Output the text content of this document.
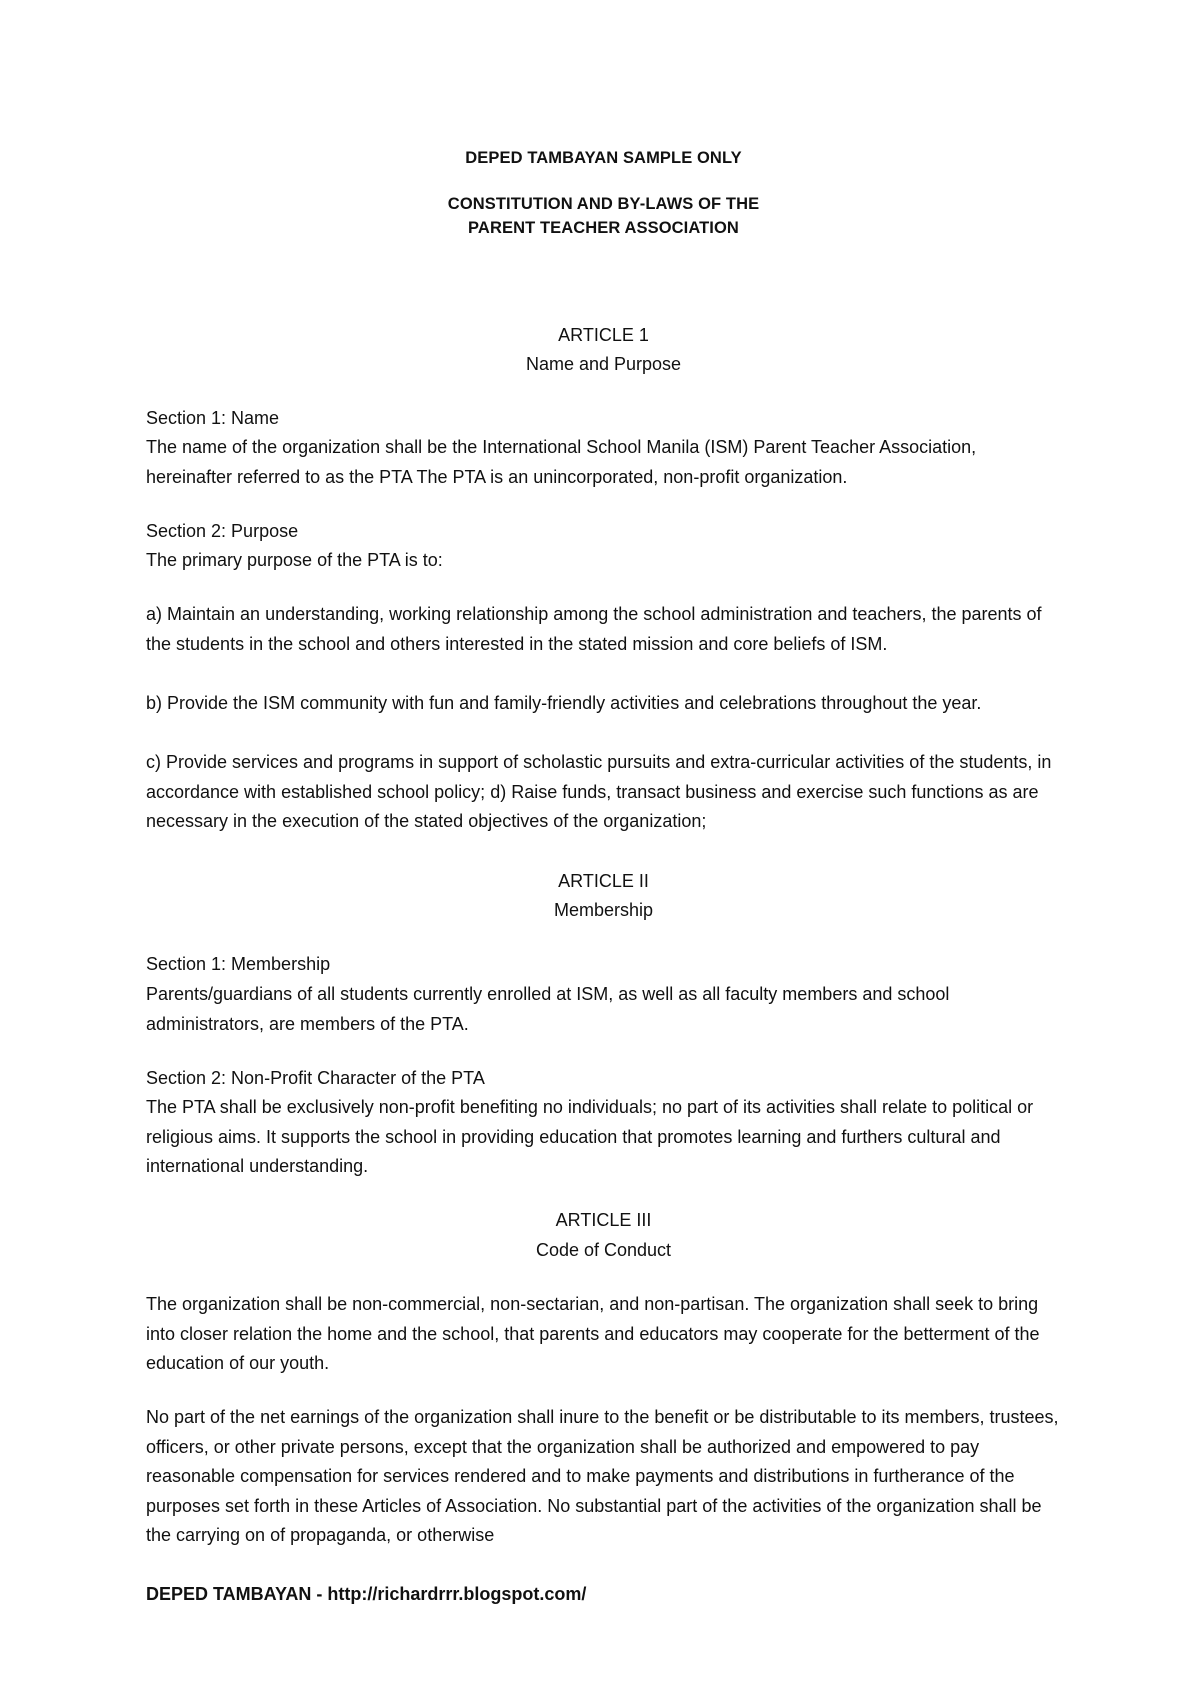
DEPED TAMBAYAN SAMPLE ONLY
CONSTITUTION AND BY-LAWS OF THE
PARENT TEACHER ASSOCIATION
ARTICLE 1
Name and Purpose
Section 1: Name

The name of the organization shall be the International School Manila (ISM) Parent Teacher Association, hereinafter referred to as the PTA The PTA is an unincorporated, non-profit organization.

Section 2: Purpose
The primary purpose of the PTA is to:

a) Maintain an understanding, working relationship among the school administration and teachers, the parents of the students in the school and others interested in the stated mission and core beliefs of ISM.

b) Provide the ISM community with fun and family-friendly activities and celebrations throughout the year.

c) Provide services and programs in support of scholastic pursuits and extra-curricular activities of the students, in accordance with established school policy; d) Raise funds, transact business and exercise such functions as are necessary in the execution of the stated objectives of the organization;

ARTICLE II
Membership
Section 1: Membership

Parents/guardians of all students currently enrolled at ISM, as well as all faculty members and school administrators, are members of the PTA.

Section 2: Non-Profit Character of the PTA

The PTA shall be exclusively non-profit benefiting no individuals; no part of its activities shall relate to political or religious aims. It supports the school in providing education that promotes learning and furthers cultural and international understanding.

ARTICLE III
Code of Conduct

The organization shall be non-commercial, non-sectarian, and non-partisan. The organization shall seek to bring into closer relation the home and the school, that parents and educators may cooperate for the betterment of the education of our youth.

No part of the net earnings of the organization shall inure to the benefit or be distributable to its members, trustees, officers, or other private persons, except that the organization shall be authorized and empowered to pay reasonable compensation for services rendered and to make payments and distributions in furtherance of the purposes set forth in these Articles of Association. No substantial part of the activities of the organization shall be the carrying on of propaganda, or otherwise

DEPED TAMBAYAN - http://richardrrr.blogspot.com/
